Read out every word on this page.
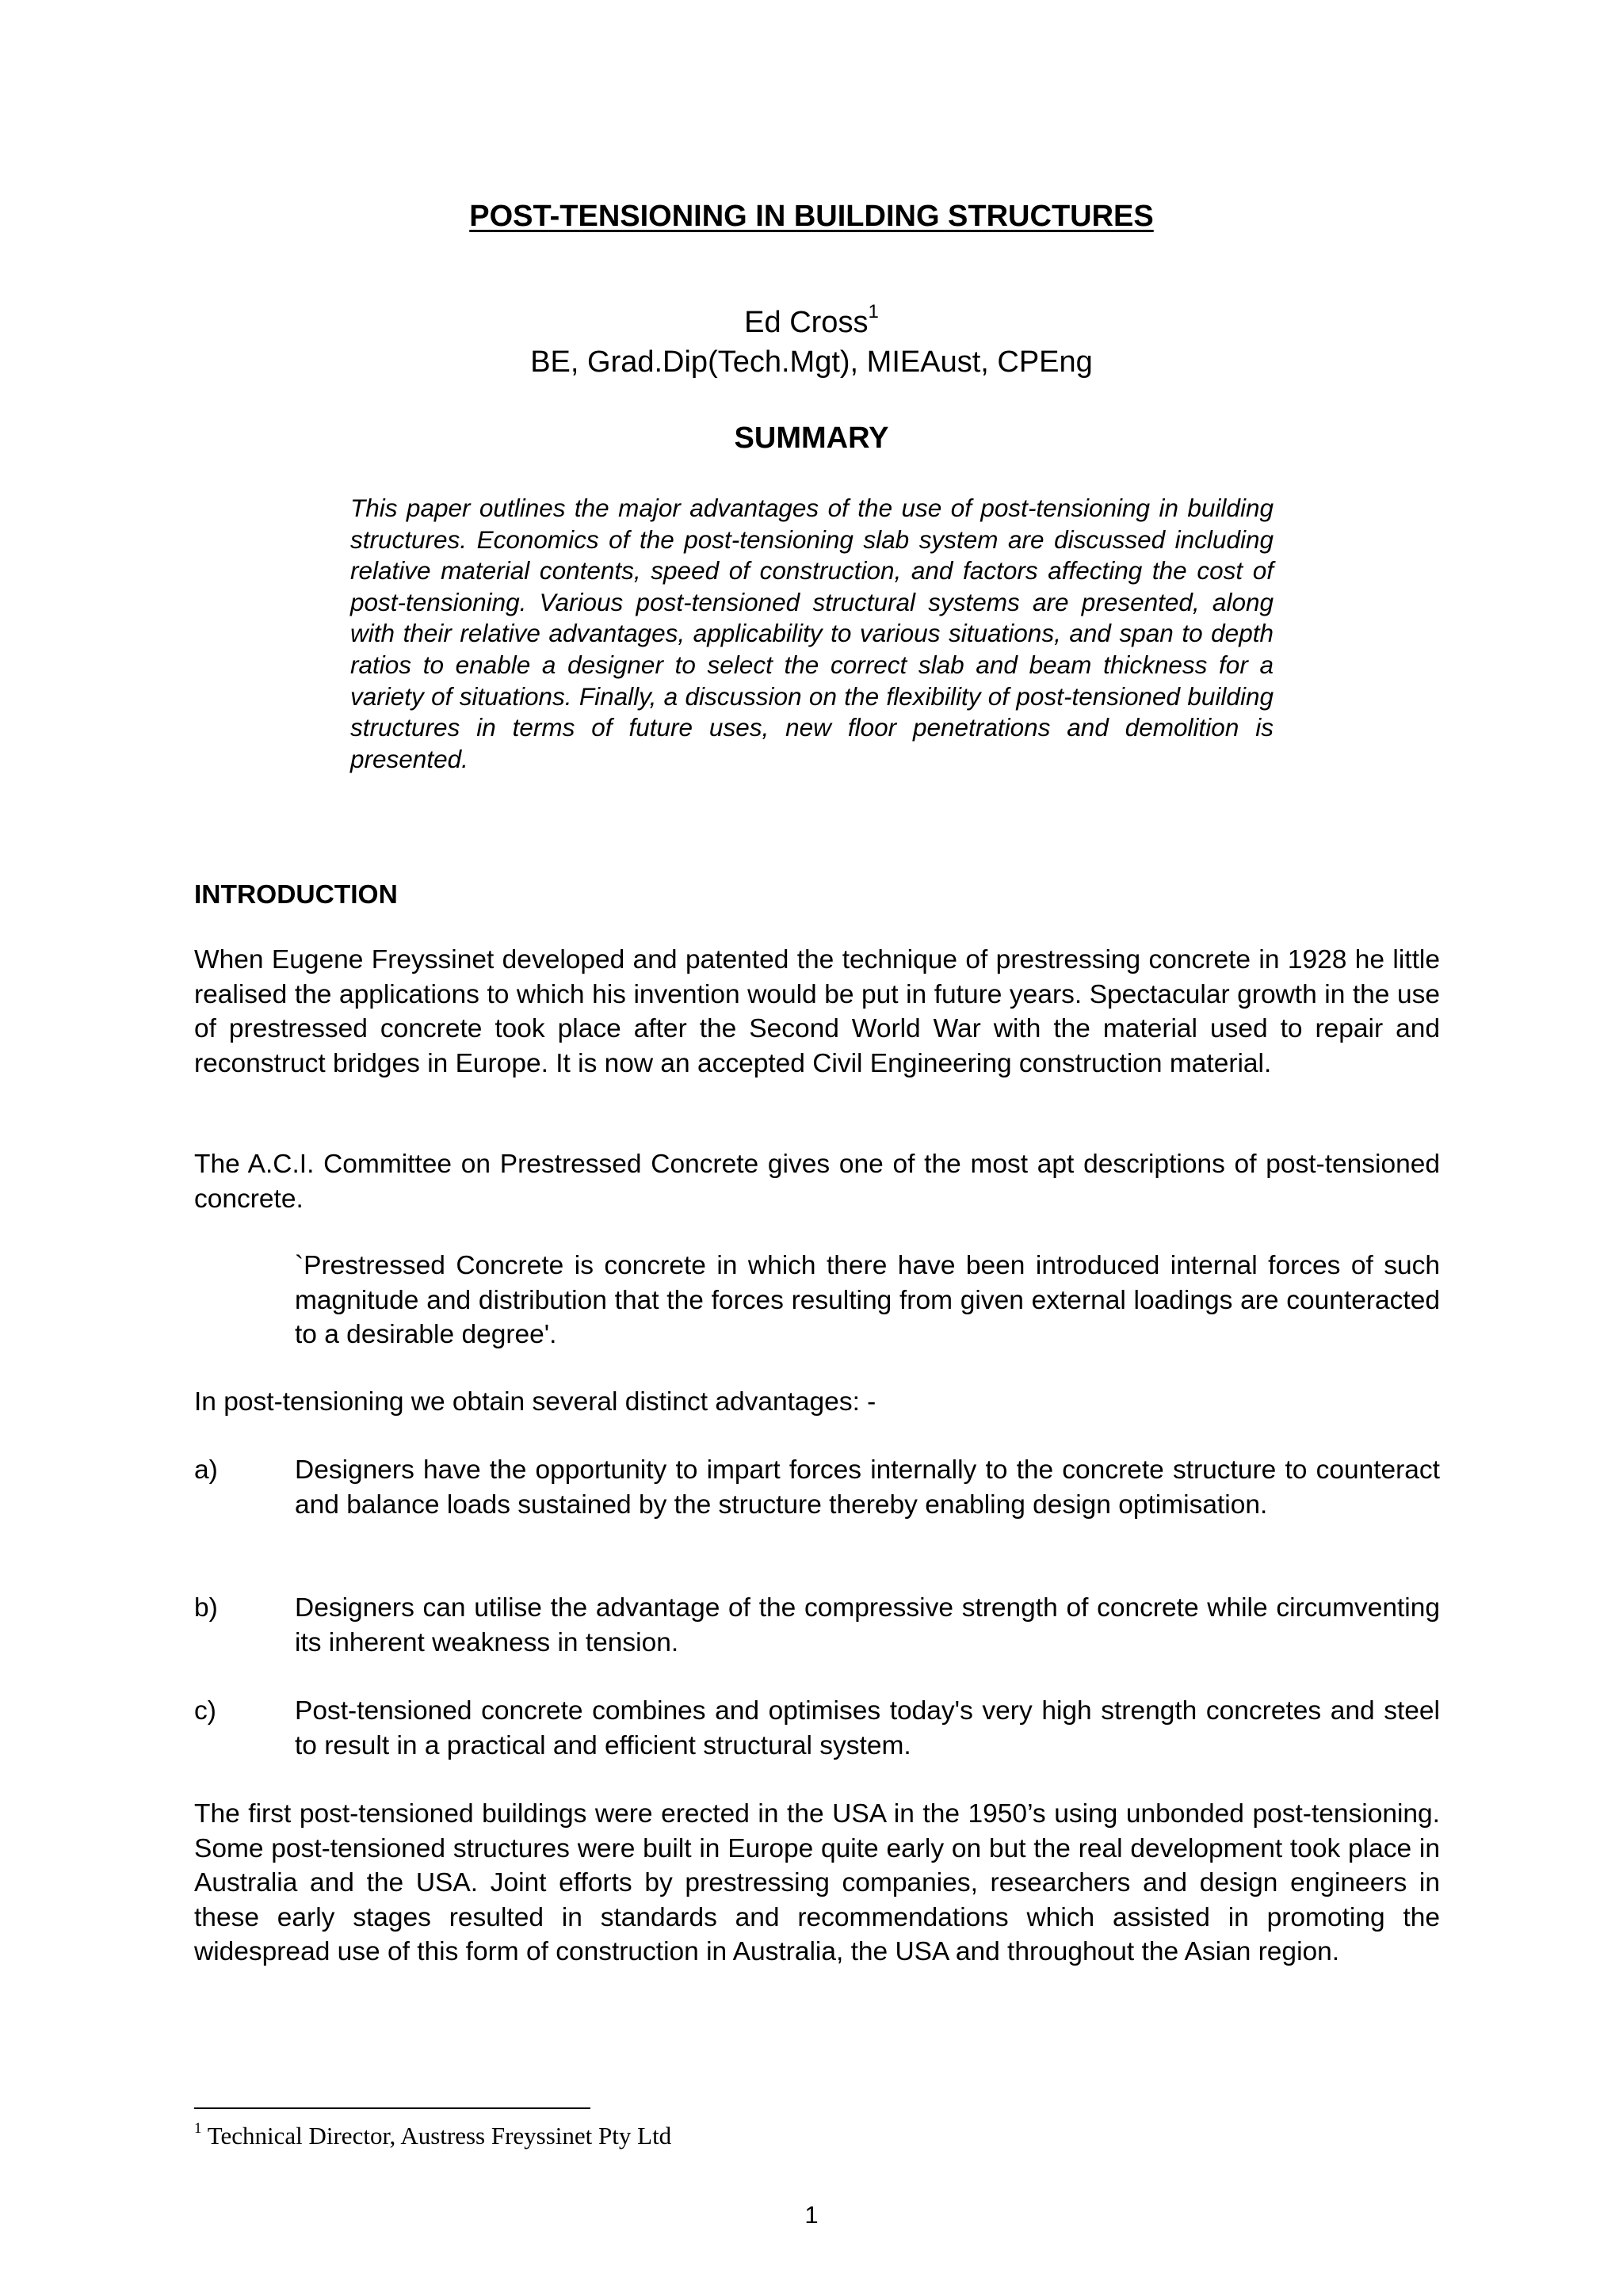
POST-TENSIONING IN BUILDING STRUCTURES
Ed Cross$^1$
BE, Grad.Dip(Tech.Mgt), MIEAust, CPEng
SUMMARY

This paper outlines the major advantages of the use of post-tensioning in building structures. Economics of the post-tensioning slab system are discussed including relative material contents, speed of construction, and factors affecting the cost of post-tensioning. Various post-tensioned structural systems are presented, along with their relative advantages, applicability to various situations, and span to depth ratios to enable a designer to select the correct slab and beam thickness for a variety of situations. Finally, a discussion on the flexibility of post-tensioned building structures in terms of future uses, new floor penetrations and demolition is presented.

INTRODUCTION

When Eugene Freyssinet developed and patented the technique of prestressing concrete in 1928 he little realised the applications to which his invention would be put in future years. Spectacular growth in the use of prestressed concrete took place after the Second World War with the material used to repair and reconstruct bridges in Europe. It is now an accepted Civil Engineering construction material.

The A.C.I. Committee on Prestressed Concrete gives one of the most apt descriptions of post-tensioned concrete.

`Prestressed Concrete is concrete in which there have been introduced internal forces of such magnitude and distribution that the forces resulting from given external loadings are counteracted to a desirable degree'.

In post-tensioning we obtain several distinct advantages: -

a)	Designers have the opportunity to impart forces internally to the concrete structure to counteract and balance loads sustained by the structure thereby enabling design optimisation.

b)	Designers can utilise the advantage of the compressive strength of concrete while circumventing its inherent weakness in tension.

c)	Post-tensioned concrete combines and optimises today's very high strength concretes and steel to result in a practical and efficient structural system.

The first post-tensioned buildings were erected in the USA in the 1950’s using unbonded post-tensioning. Some post-tensioned structures were built in Europe quite early on but the real development took place in Australia and the USA. Joint efforts by prestressing companies, researchers and design engineers in these early stages resulted in standards and recommendations which assisted in promoting the widespread use of this form of construction in Australia, the USA and throughout the Asian region.

$^1$ Technical Director, Austress Freyssinet Pty Ltd
1
